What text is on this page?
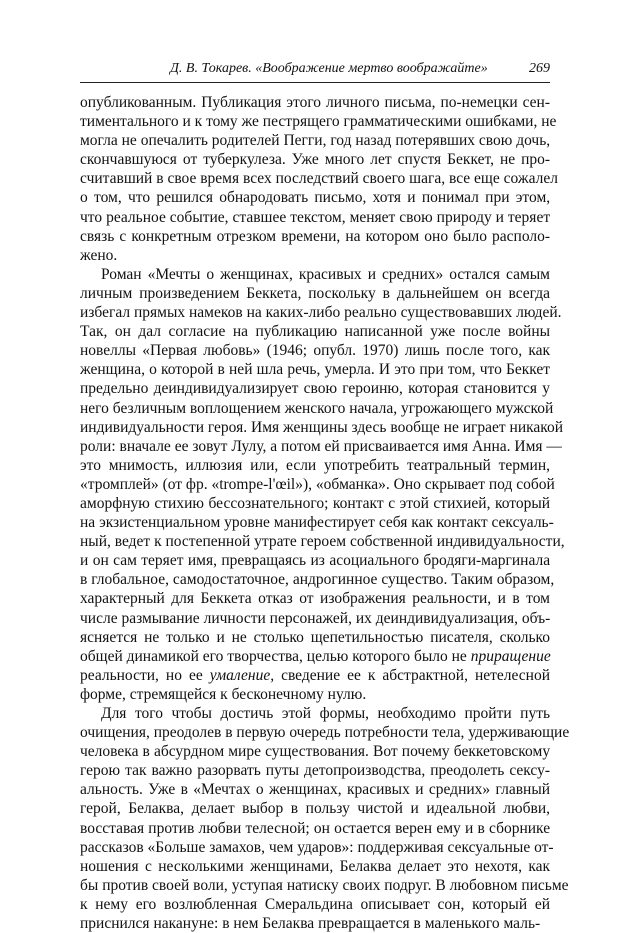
Д. В. Токарев. «Воображение мертво воображайте»	269

опубликованным. Публикация этого личного письма, по-немецки сен-
тиментального и к тому же пестрящего грамматическими ошибками, не
могла не опечалить родителей Пегги, год назад потерявших свою дочь,
скончавшуюся от туберкулеза. Уже много лет спустя Беккет, не про-
считавший в свое время всех последствий своего шага, все еще сожалел
о том, что решился обнародовать письмо, хотя и понимал при этом,
что реальное событие, ставшее текстом, меняет свою природу и теряет
связь с конкретным отрезком времени, на котором оно было располо-
жено.

Роман «Мечты о женщинах, красивых и средних» остался самым
личным произведением Беккета, поскольку в дальнейшем он всегда
избегал прямых намеков на каких-либо реально существовавших людей.
Так, он дал согласие на публикацию написанной уже после войны
новеллы «Первая любовь» (1946; опубл. 1970) лишь после того, как
женщина, о которой в ней шла речь, умерла. И это при том, что Беккет
предельно деиндивидуализирует свою героиню, которая становится у
него безличным воплощением женского начала, угрожающего мужской
индивидуальности героя. Имя женщины здесь вообще не играет никакой
роли: вначале ее зовут Лулу, а потом ей присваивается имя Анна. Имя —
это мнимость, иллюзия или, если употребить театральный термин,
«тромплей» (от фр. «trompe-l'œil»), «обманка». Оно скрывает под собой
аморфную стихию бессознательного; контакт с этой стихией, который
на экзистенциальном уровне манифестирует себя как контакт сексуаль-
ный, ведет к постепенной утрате героем собственной индивидуальности,
и он сам теряет имя, превращаясь из асоциального бродяги-маргинала
в глобальное, самодостаточное, андрогинное существо. Таким образом,
характерный для Беккета отказ от изображения реальности, и в том
числе размывание личности персонажей, их деиндивидуализация, объ-
ясняется не только и не столько щепетильностью писателя, сколько
общей динамикой его творчества, целью которого было не приращение
реальности, но ее умаление, сведение ее к абстрактной, нетелесной
форме, стремящейся к бесконечному нулю.

Для того чтобы достичь этой формы, необходимо пройти путь
очищения, преодолев в первую очередь потребности тела, удерживающие
человека в абсурдном мире существования. Вот почему беккетовскому
герою так важно разорвать путы детопроизводства, преодолеть сексу-
альность. Уже в «Мечтах о женщинах, красивых и средних» главный
герой, Белаква, делает выбор в пользу чистой и идеальной любви,
восставая против любви телесной; он остается верен ему и в сборнике
рассказов «Больше замахов, чем ударов»: поддерживая сексуальные от-
ношения с несколькими женщинами, Белаква делает это нехотя, как
бы против своей воли, уступая натиску своих подруг. В любовном письме
к нему его возлюбленная Смеральдина описывает сон, который ей
приснился накануне: в нем Белаква превращается в маленького маль-
